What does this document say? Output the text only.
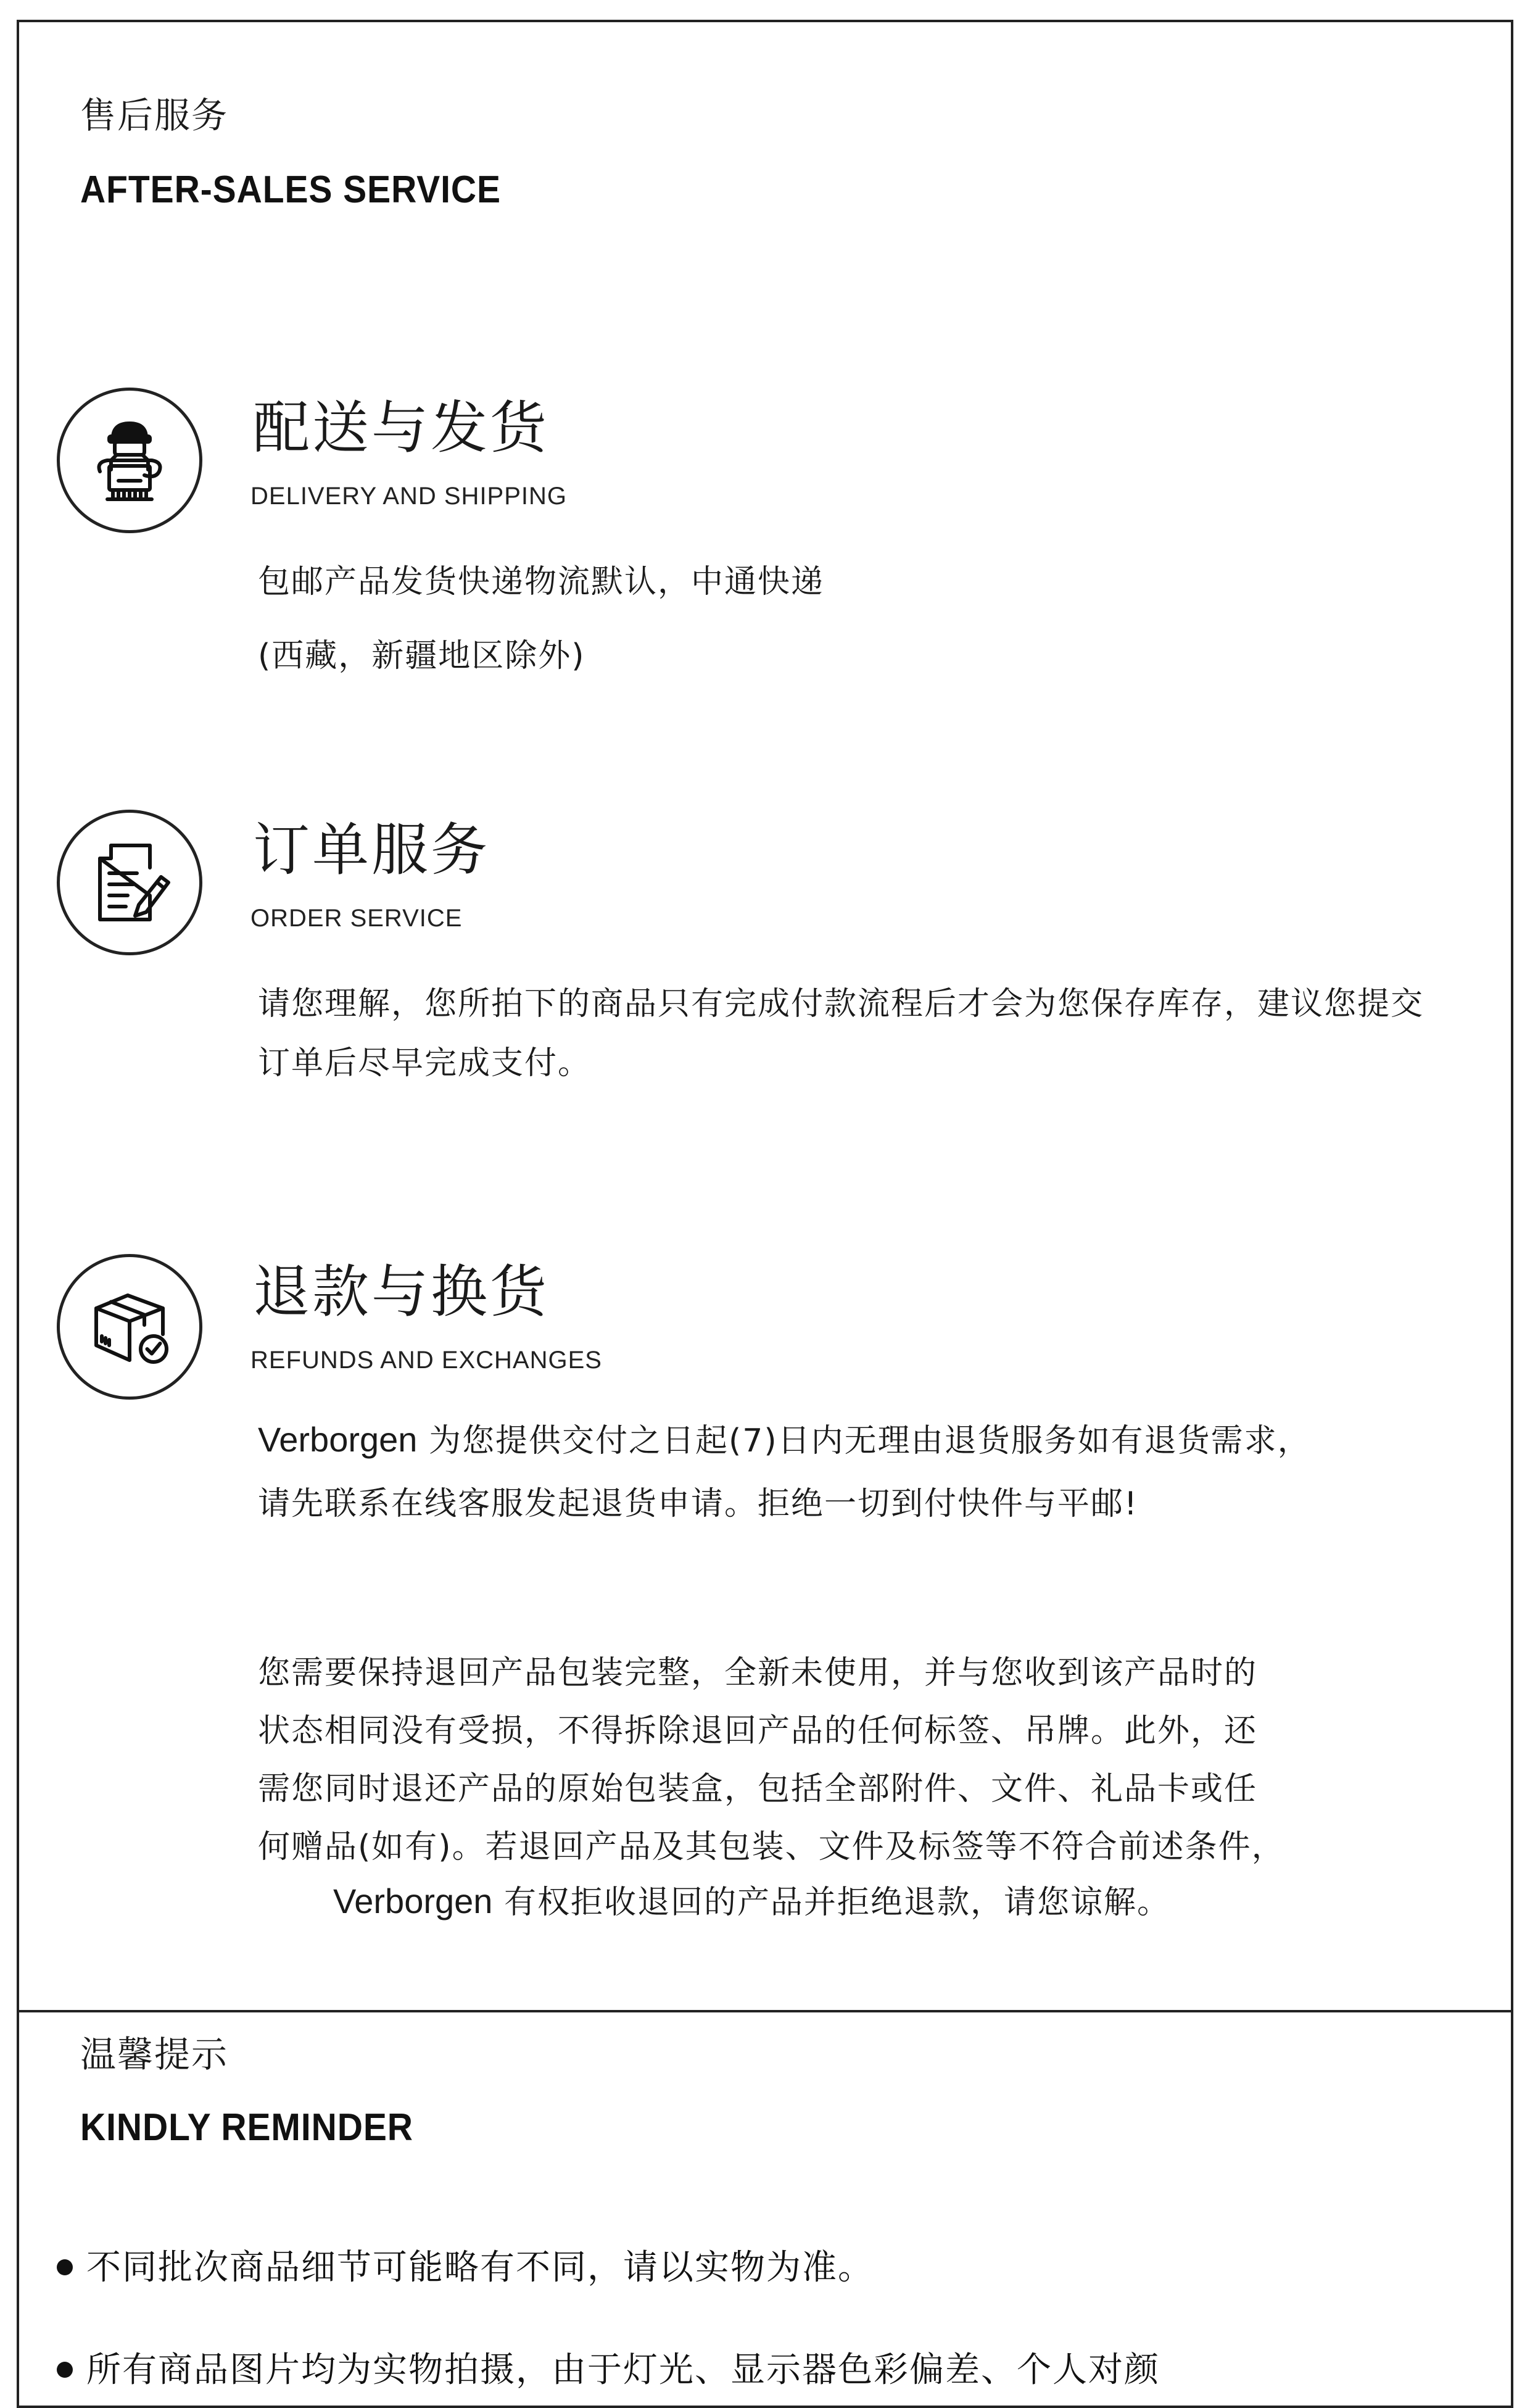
售后服务
AFTER-SALES SERVICE
配送与发货
DELIVERY AND SHIPPING
包邮产品发货快递物流默认，中通快递
(西藏，新疆地区除外)
订单服务
ORDER SERVICE
请您理解，您所拍下的商品只有完成付款流程后才会为您保存库存，建议您提交
订单后尽早完成支付。
退款与换货
REFUNDS AND EXCHANGES
Verborgen 为您提供交付之日起(7)日内无理由退货服务如有退货需求，
请先联系在线客服发起退货申请。拒绝一切到付快件与平邮!
您需要保持退回产品包装完整，全新未使用，并与您收到该产品时的
状态相同没有受损，不得拆除退回产品的任何标签、吊牌。此外，还
需您同时退还产品的原始包装盒，包括全部附件、文件、礼品卡或任
何赠品(如有)。若退回产品及其包装、文件及标签等不符合前述条件，
Verborgen 有权拒收退回的产品并拒绝退款，请您谅解。
温馨提示
KINDLY REMINDER
不同批次商品细节可能略有不同，请以实物为准。
所有商品图片均为实物拍摄，由于灯光、显示器色彩偏差、个人对颜
